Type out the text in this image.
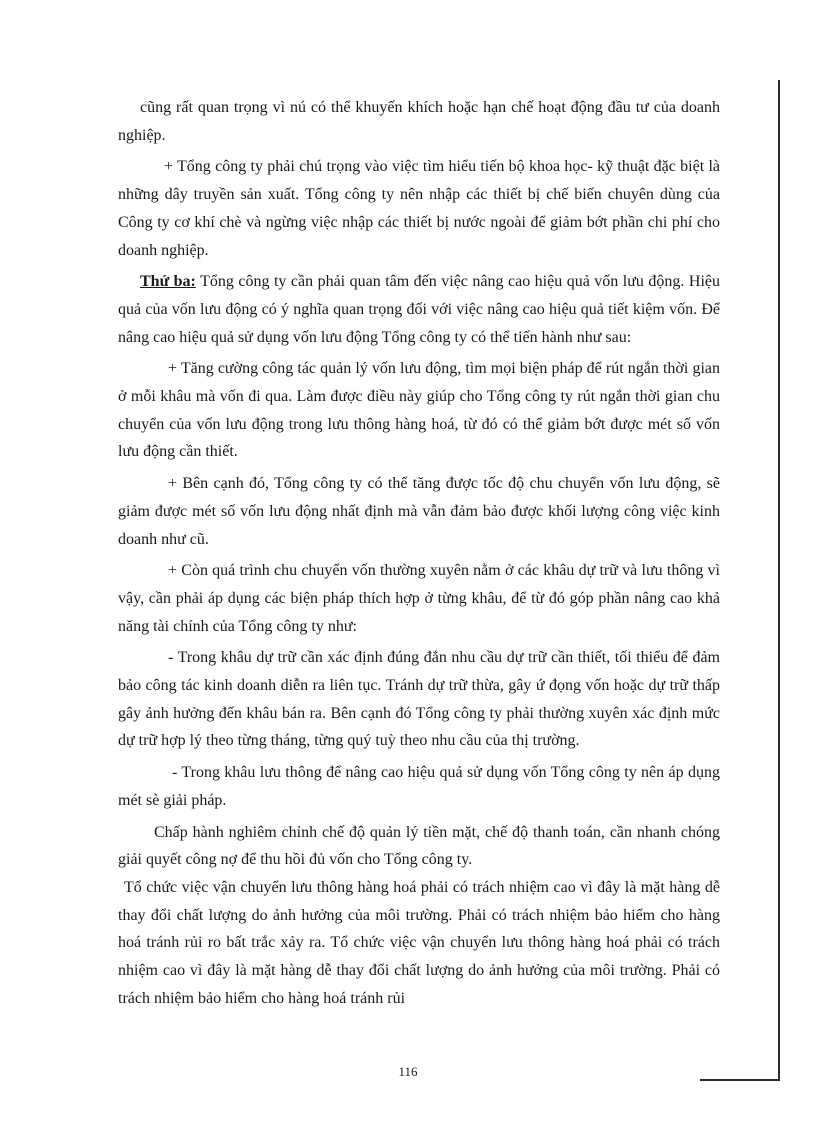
cũng rất quan trọng vì nú có thể khuyến khích hoặc hạn chế hoạt động đầu tư của doanh nghiệp.

+ Tổng công ty phải chú trọng vào việc tìm hiểu tiến bộ khoa học- kỹ thuật đặc biệt là những dây truyền sản xuất. Tổng công ty nên nhập các thiết bị chế biến chuyên dùng của Công ty cơ khí chè và ngừng việc nhập các thiết bị nước ngoài để giảm bớt phần chi phí cho doanh nghiệp.

Thứ ba: Tổng công ty cần phải quan tâm đến việc nâng cao hiệu quả vốn lưu động. Hiệu quả của vốn lưu động có ý nghĩa quan trọng đối với việc nâng cao hiệu quả tiết kiệm vốn. Để nâng cao hiệu quả sử dụng vốn lưu động Tổng công ty có thể tiến hành như sau:

+ Tăng cường công tác quản lý vốn lưu động, tìm mọi biện pháp để rút ngắn thời gian ở mỗi khâu mà vốn đi qua. Làm được điều này giúp cho Tổng công ty rút ngắn thời gian chu chuyển của vốn lưu động trong lưu thông hàng hoá, từ đó có thể giảm bớt được mét số vốn lưu động cần thiết.

+ Bên cạnh đó, Tổng công ty có thể tăng được tốc độ chu chuyển vốn lưu động, sẽ giảm được mét số vốn lưu động nhất định mà vẫn đảm bảo được khối lượng công việc kinh doanh như cũ.

+ Còn quá trình chu chuyển vốn thường xuyên nằm ở các khâu dự trữ và lưu thông vì vậy, cần phải áp dụng các biện pháp thích hợp ở từng khâu, để từ đó góp phần nâng cao khả năng tài chính của Tổng công ty như:

- Trong khâu dự trữ cần xác định đúng đắn nhu cầu dự trữ cần thiết, tối thiểu để đảm bảo công tác kinh doanh diễn ra liên tục. Tránh dự trữ thừa, gây ứ đọng vốn hoặc dự trữ thấp gây ảnh hưởng đến khâu bán ra. Bên cạnh đó Tổng công ty phải thường xuyên xác định mức dự trữ hợp lý theo từng tháng, từng quý tuỳ theo nhu cầu của thị trường.

- Trong khâu lưu thông để nâng cao hiệu quả sử dụng vốn Tổng công ty nên áp dụng mét sè giải pháp.

Chấp hành nghiêm chỉnh chế độ quản lý tiền mặt, chế độ thanh toán, cần nhanh chóng giải quyết công nợ để thu hồi đủ vốn cho Tổng công ty.

Tổ chức việc vận chuyển lưu thông hàng hoá phải có trách nhiệm cao vì đây là mặt hàng dễ thay đổi chất lượng do ảnh hưởng của môi trường. Phải có trách nhiệm bảo hiểm cho hàng hoá tránh rủi ro bất trắc xảy ra. Tổ chức việc vận chuyển lưu thông hàng hoá phải có trách nhiệm cao vì đây là mặt hàng dễ thay đổi chất lượng do ảnh hưởng của môi trường. Phải có trách nhiệm bảo hiểm cho hàng hoá tránh rủi

116
